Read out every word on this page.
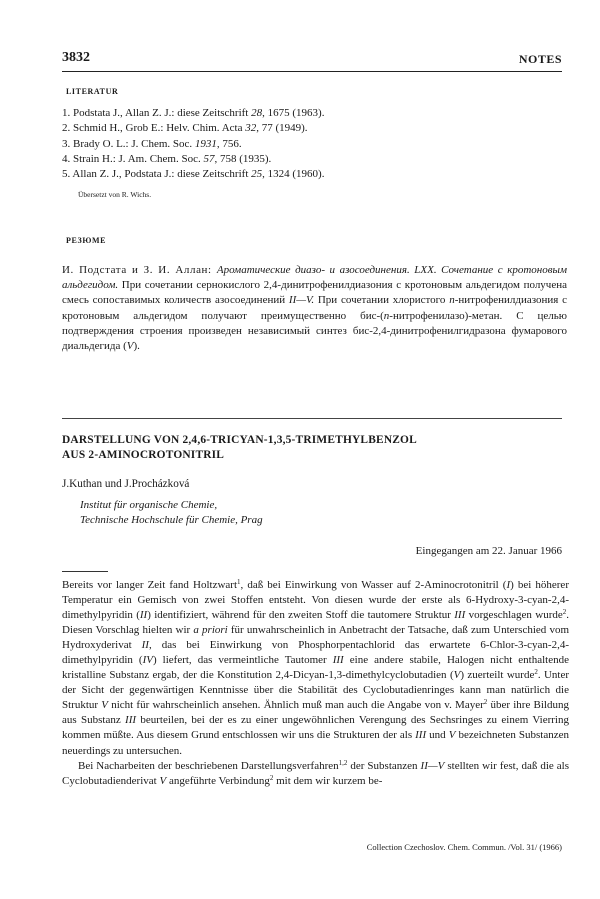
3832	NOTES
LITERATUR
1. Podstata J., Allan Z. J.: diese Zeitschrift 28, 1675 (1963).
2. Schmid H., Grob E.: Helv. Chim. Acta 32, 77 (1949).
3. Brady O. L.: J. Chem. Soc. 1931, 756.
4. Strain H.: J. Am. Chem. Soc. 57, 758 (1935).
5. Allan Z. J., Podstata J.: diese Zeitschrift 25, 1324 (1960).
Übersetzt von R. Wichs.
РЕЗЮМЕ

И. Подстата и З. И. Аллан: Ароматические диазо- и азосоединения. LXX. Сочетание с кротоновым альдегидом. При сочетании сернокислого 2,4-динитрофенилдиазония с кротоновым альдегидом получена смесь сопоставимых количеств азосоединений II—V. При сочетании хлористого п-нитрофенилдиазония с кротоновым альдегидом получают преимущественно бис-(п-нитрофенилазо)-метан. С целью подтверждения строения произведен независимый синтез бис-2,4-динитрофенилгидразона фумарового диальдегида (V).

DARSTELLUNG VON 2,4,6-TRICYAN-1,3,5-TRIMETHYLBENZOL
AUS 2-AMINOCROTONITRIL
J.Kuthan und J.Procházková
Institut für organische Chemie,
Technische Hochschule für Chemie, Prag
Eingegangen am 22. Januar 1966

Bereits vor langer Zeit fand Holtzwart$^1$, daß bei Einwirkung von Wasser auf 2-Aminocrotonitril (I) bei höherer Temperatur ein Gemisch von zwei Stoffen entsteht. Von diesen wurde der erste als 6-Hydroxy-3-cyan-2,4-dimethylpyridin (II) identifiziert, während für den zweiten Stoff die tautomere Struktur III vorgeschlagen wurde$^2$. Diesen Vorschlag hielten wir a priori für unwahrscheinlich in Anbetracht der Tatsache, daß zum Unterschied vom Hydroxyderivat II, das bei Einwirkung von Phosphorpentachlorid das erwartete 6-Chlor-3-cyan-2,4-dimethylpyridin (IV) liefert, das vermeintliche Tautomer III eine andere stabile, Halogen nicht enthaltende kristalline Substanz ergab, der die Konstitution 2,4-Dicyan-1,3-dimethylcyclobutadien (V) zuerteilt wurde$^2$. Unter der Sicht der gegenwärtigen Kenntnisse über die Stabilität des Cyclobutadienringes kann man natürlich die Struktur V nicht für wahrscheinlich ansehen. Ähnlich muß man auch die Angabe von v. Mayer$^2$ über ihre Bildung aus Substanz III beurteilen, bei der es zu einer ungewöhnlichen Verengung des Sechsringes zu einem Vierring kommen müßte. Aus diesem Grund entschlossen wir uns die Strukturen der als III und V bezeichneten Substanzen neuerdings zu untersuchen.

Bei Nacharbeiten der beschriebenen Darstellungsverfahren$^{1,2}$ der Substanzen II—V stellten wir fest, daß die als Cyclobutadienderivat V angeführte Verbindung$^2$ mit dem wir kurzem be-

Collection Czechoslov. Chem. Commun. /Vol. 31/ (1966)
